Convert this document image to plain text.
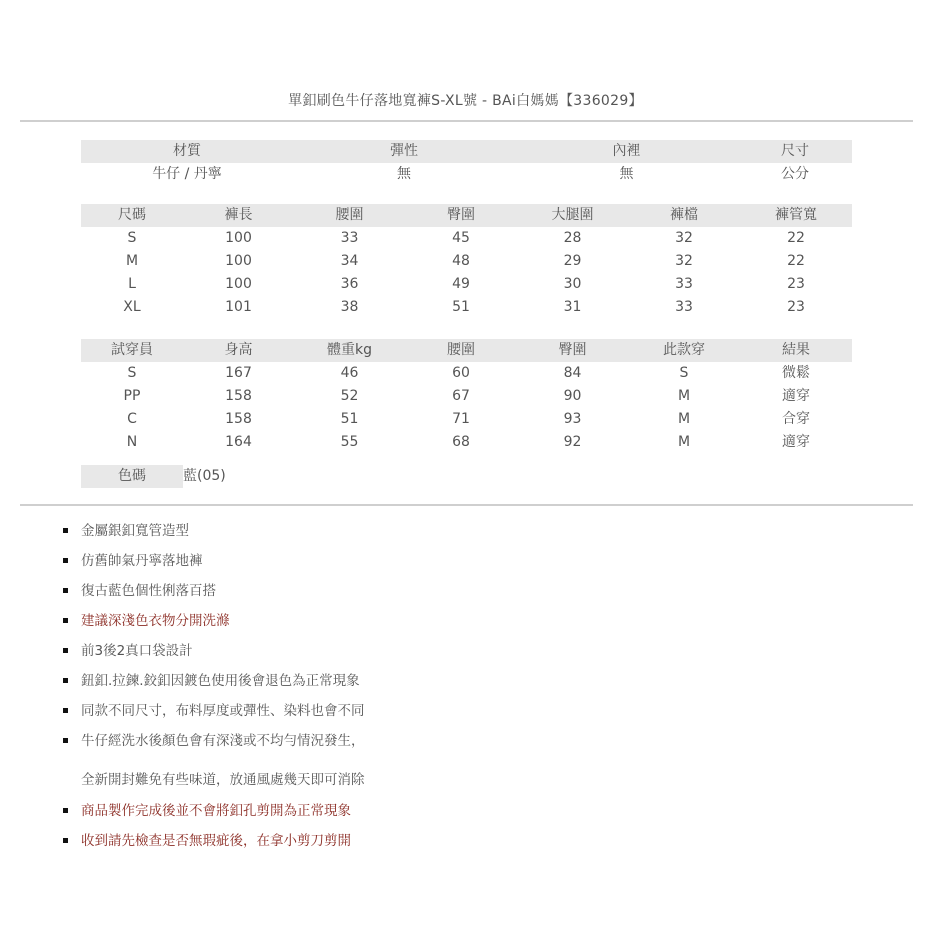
單釦刷色牛仔落地寬褲S-XL號 - BAi白媽媽【336029】
材質	彈性	內裡	尺寸
牛仔 / 丹寧	無	無	公分
尺碼	褲長	腰圍	臀圍	大腿圍	褲檔	褲管寬
S	100	33	45	28	32	22
M	100	34	48	29	32	22
L	100	36	49	30	33	23
XL	101	38	51	31	33	23
試穿員	身高	體重kg	腰圍	臀圍	此款穿	結果
S	167	46	60	84	S	微鬆
PP	158	52	67	90	M	適穿
C	158	51	71	93	M	合穿
N	164	55	68	92	M	適穿
色碼	藍(05)
金屬銀釦寬管造型
仿舊帥氣丹寧落地褲
復古藍色個性俐落百搭
建議深淺色衣物分開洗滌
前3後2真口袋設計
鈕釦.拉鍊.鉸釦因鍍色使用後會退色為正常現象
同款不同尺寸，布料厚度或彈性、染料也會不同
牛仔經洗水後顏色會有深淺或不均勻情況發生，
全新開封難免有些味道，放通風處幾天即可消除
商品製作完成後並不會將釦孔剪開為正常現象
收到請先檢查是否無瑕疵後，在拿小剪刀剪開
